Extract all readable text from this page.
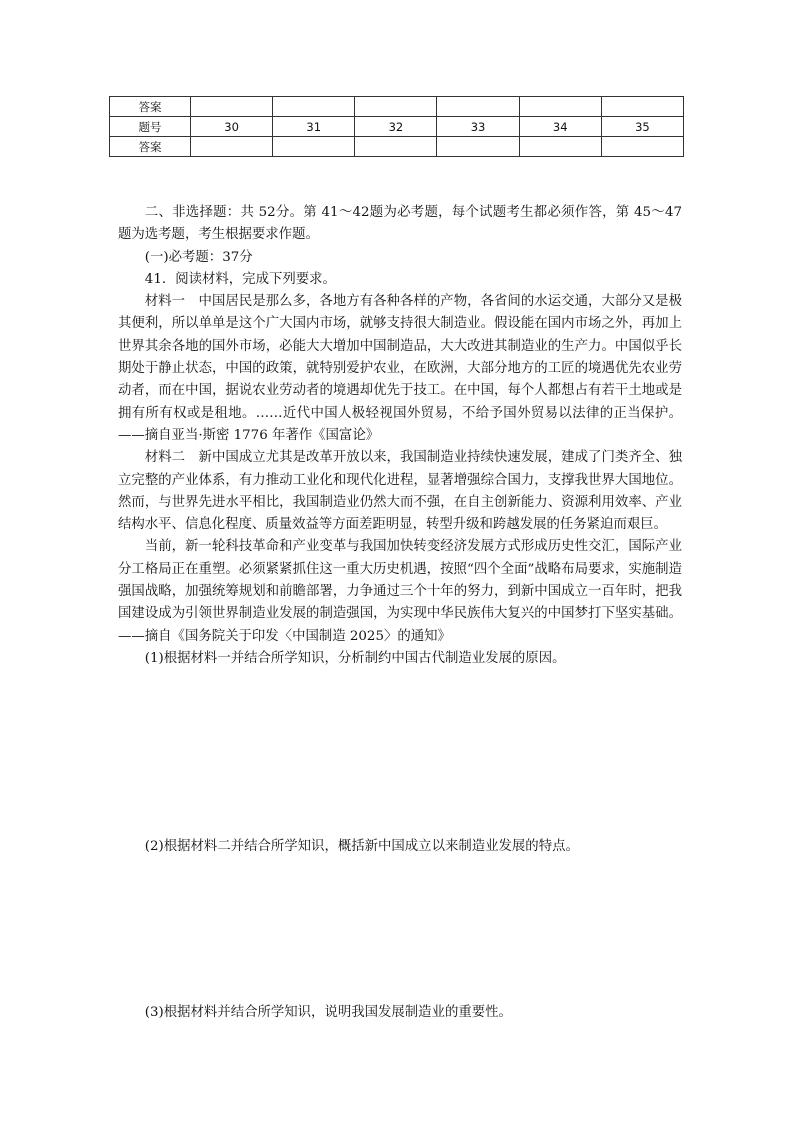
答案						
题号	30	31	32	33	34	35
答案						

二、非选择题：共 52分。第 41～42题为必考题，每个试题考生都必须作答，第 45～47题为选考题，考生根据要求作题。

(一)必考题：37分

41．阅读材料，完成下列要求。

材料一　中国居民是那么多，各地方有各种各样的产物，各省间的水运交通，大部分又是极其便利，所以单单是这个广大国内市场，就够支持很大制造业。假设能在国内市场之外，再加上世界其余各地的国外市场，必能大大增加中国制造品，大大改进其制造业的生产力。中国似乎长期处于静止状态，中国的政策，就特别爱护农业，在欧洲，大部分地方的工匠的境遇优先农业劳动者，而在中国，据说农业劳动者的境遇却优先于技工。在中国，每个人都想占有若干土地或是拥有所有权或是租地。……近代中国人极轻视国外贸易，不给予国外贸易以法律的正当保护。——摘自亚当·斯密 1776 年著作《国富论》

材料二　新中国成立尤其是改革开放以来，我国制造业持续快速发展，建成了门类齐全、独立完整的产业体系，有力推动工业化和现代化进程，显著增强综合国力，支撑我世界大国地位。然而，与世界先进水平相比，我国制造业仍然大而不强，在自主创新能力、资源利用效率、产业结构水平、信息化程度、质量效益等方面差距明显，转型升级和跨越发展的任务紧迫而艰巨。

当前，新一轮科技革命和产业变革与我国加快转变经济发展方式形成历史性交汇，国际产业分工格局正在重塑。必须紧紧抓住这一重大历史机遇，按照“四个全面”战略布局要求，实施制造强国战略，加强统筹规划和前瞻部署，力争通过三个十年的努力，到新中国成立一百年时，把我国建设成为引领世界制造业发展的制造强国，为实现中华民族伟大复兴的中国梦打下坚实基础。——摘自《国务院关于印发〈中国制造 2025〉的通知》

(1)根据材料一并结合所学知识，分析制约中国古代制造业发展的原因。

(2)根据材料二并结合所学知识，概括新中国成立以来制造业发展的特点。

(3)根据材料并结合所学知识，说明我国发展制造业的重要性。
